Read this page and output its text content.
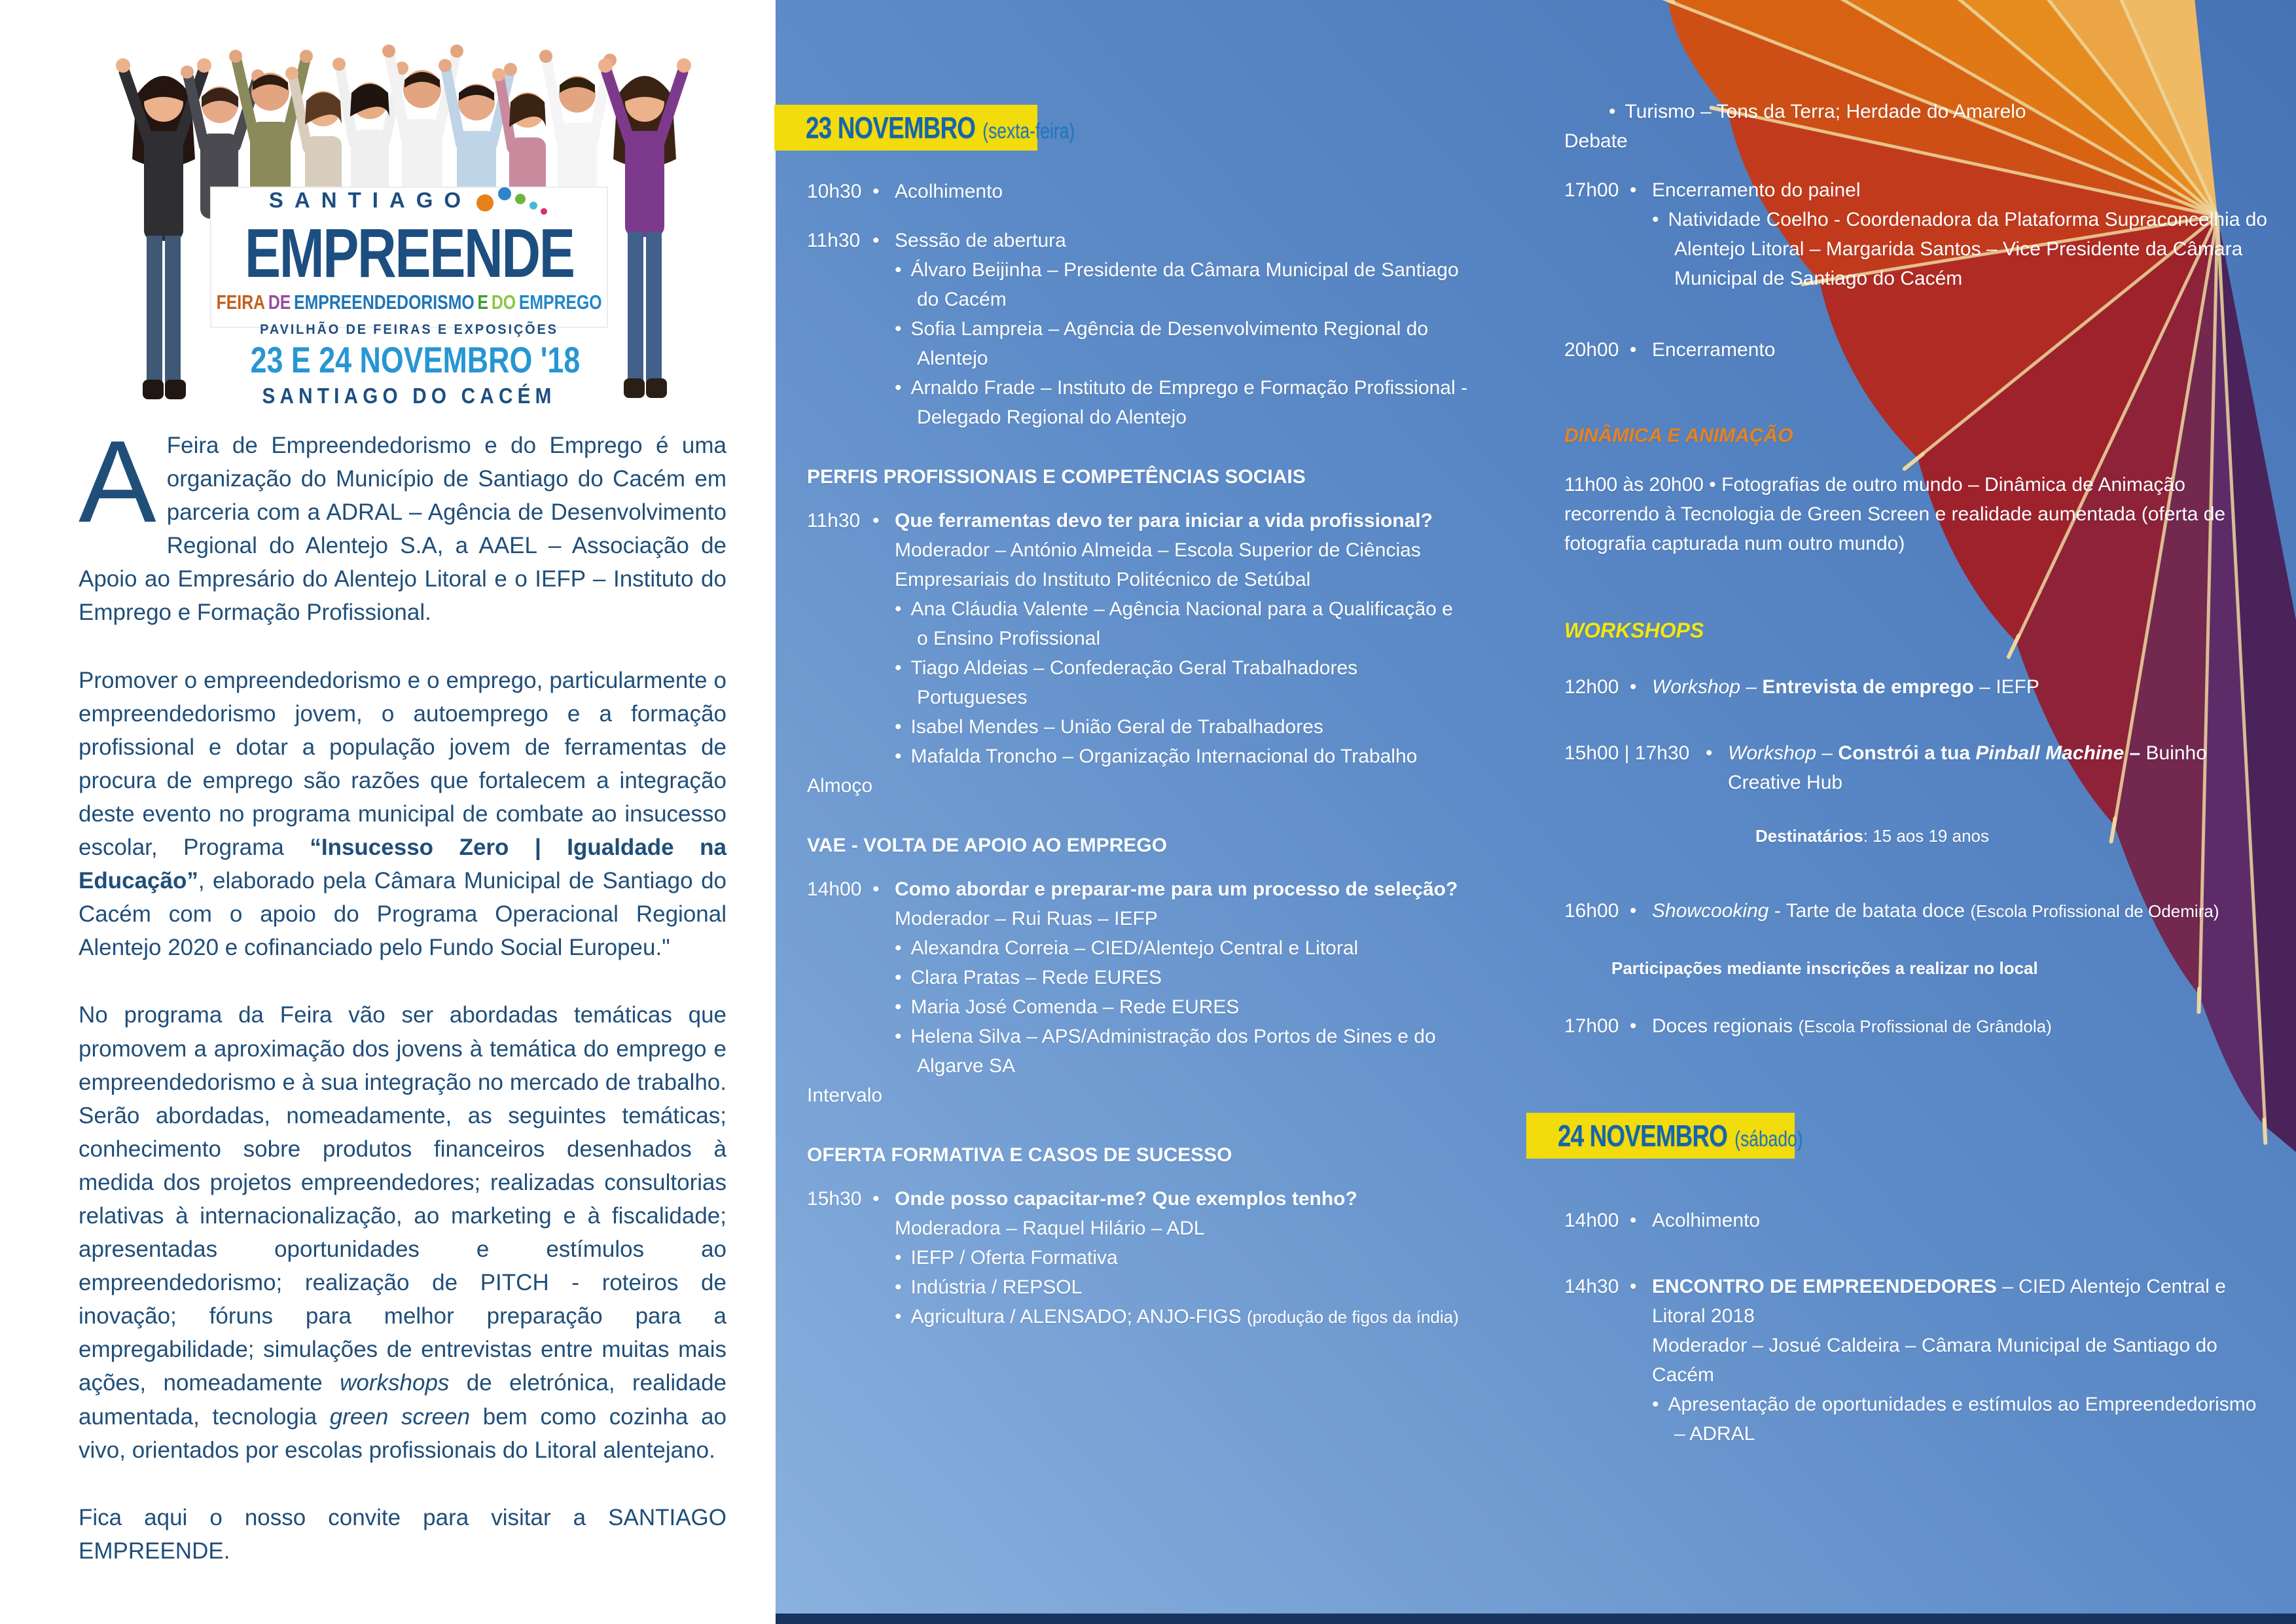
SANTIAGO
EMPREENDE
FEIRA DE EMPREENDEDORISMO E DO EMPREGO
PAVILHÃO DE FEIRAS E EXPOSIÇÕES
23 E 24 NOVEMBRO '18
SANTIAGO DO CACÉM

A Feira de Empreendedorismo e do Emprego é uma organização do Município de Santiago do Cacém em parceria com a ADRAL – Agência de Desenvolvimento Regional do Alentejo S.A, a AAEL – Associação de Apoio ao Empresário do Alentejo Litoral e o IEFP – Instituto do Emprego e Formação Profissional.

Promover o empreendedorismo e o emprego, particularmente o empreendedorismo jovem, o autoemprego e a formação profissional e dotar a população jovem de ferramentas de procura de emprego são razões que fortalecem a integração deste evento no programa municipal de combate ao insucesso escolar, Programa “Insucesso Zero | Igualdade na Educação”, elaborado pela Câmara Municipal de Santiago do Cacém com o apoio do Programa Operacional Regional Alentejo 2020 e cofinanciado pelo Fundo Social Europeu."

No programa da Feira vão ser abordadas temáticas que promovem a aproximação dos jovens à temática do emprego e empreendedorismo e à sua integração no mercado de trabalho. Serão abordadas, nomeadamente, as seguintes temáticas; conhecimento sobre produtos financeiros desenhados à medida dos projetos empreendedores; realizadas consultorias relativas à internacionalização, ao marketing e à fiscalidade; apresentadas oportunidades e estímulos ao empreendedorismo; realização de PITCH - roteiros de inovação; fóruns para melhor preparação para a empregabilidade; simulações de entrevistas entre muitas mais ações, nomeadamente workshops de eletrónica, realidade aumentada, tecnologia green screen bem como cozinha ao vivo, orientados por escolas profissionais do Litoral alentejano.

Fica aqui o nosso convite para visitar a SANTIAGO EMPREENDE.

23 NOVEMBRO (sexta-feira)
10h30 •	Acolhimento
11h30 •	Sessão de abertura
• Álvaro Beijinha – Presidente da Câmara Municipal de Santiago do Cacém
• Sofia Lampreia – Agência de Desenvolvimento Regional do Alentejo
• Arnaldo Frade – Instituto de Emprego e Formação Profissional - Delegado Regional do Alentejo
PERFIS PROFISSIONAIS E COMPETÊNCIAS SOCIAIS
11h30 •	Que ferramentas devo ter para iniciar a vida profissional?
Moderador – António Almeida – Escola Superior de Ciências Empresariais do Instituto Politécnico de Setúbal
• Ana Cláudia Valente – Agência Nacional para a Qualificação e o Ensino Profissional
• Tiago Aldeias – Confederação Geral Trabalhadores Portugueses
• Isabel Mendes – União Geral de Trabalhadores
• Mafalda Troncho – Organização Internacional do Trabalho
Almoço
VAE - VOLTA DE APOIO AO EMPREGO
14h00 •	Como abordar e preparar-me para um processo de seleção?
Moderador – Rui Ruas – IEFP
• Alexandra Correia – CIED/Alentejo Central e Litoral
• Clara Pratas – Rede EURES
• Maria José Comenda – Rede EURES
• Helena Silva – APS/Administração dos Portos de Sines e do Algarve SA
Intervalo
OFERTA FORMATIVA E CASOS DE SUCESSO
15h30 •	Onde posso capacitar-me? Que exemplos tenho?
Moderadora – Raquel Hilário – ADL
• IEFP / Oferta Formativa
• Indústria / REPSOL
• Agricultura / ALENSADO; ANJO-FIGS (produção de figos da índia)
• Turismo – Tons da Terra; Herdade do Amarelo
Debate
17h00 •	Encerramento do painel
• Natividade Coelho - Coordenadora da Plataforma Supraconcelhia do Alentejo Litoral – Margarida Santos – Vice Presidente da Câmara Municipal de Santiago do Cacém
20h00 •	Encerramento
DINÂMICA E ANIMAÇÃO
11h00 às 20h00 • Fotografias de outro mundo – Dinâmica de Animação recorrendo à Tecnologia de Green Screen e realidade aumentada (oferta de fotografia capturada num outro mundo)
WORKSHOPS
12h00 •	Workshop – Entrevista de emprego – IEFP
15h00 | 17h30 •	Workshop – Constrói a tua Pinball Machine – Buinho Creative Hub
Destinatários: 15 aos 19 anos
16h00 •	Showcooking - Tarte de batata doce (Escola Profissional de Odemira)
Participações mediante inscrições a realizar no local
17h00 •	Doces regionais (Escola Profissional de Grândola)
24 NOVEMBRO (sábado)
14h00 •	Acolhimento
14h30 •	ENCONTRO DE EMPREENDEDORES – CIED Alentejo Central e Litoral 2018
Moderador – Josué Caldeira – Câmara Municipal de Santiago do Cacém
• Apresentação de oportunidades e estímulos ao Empreendedorismo – ADRAL
